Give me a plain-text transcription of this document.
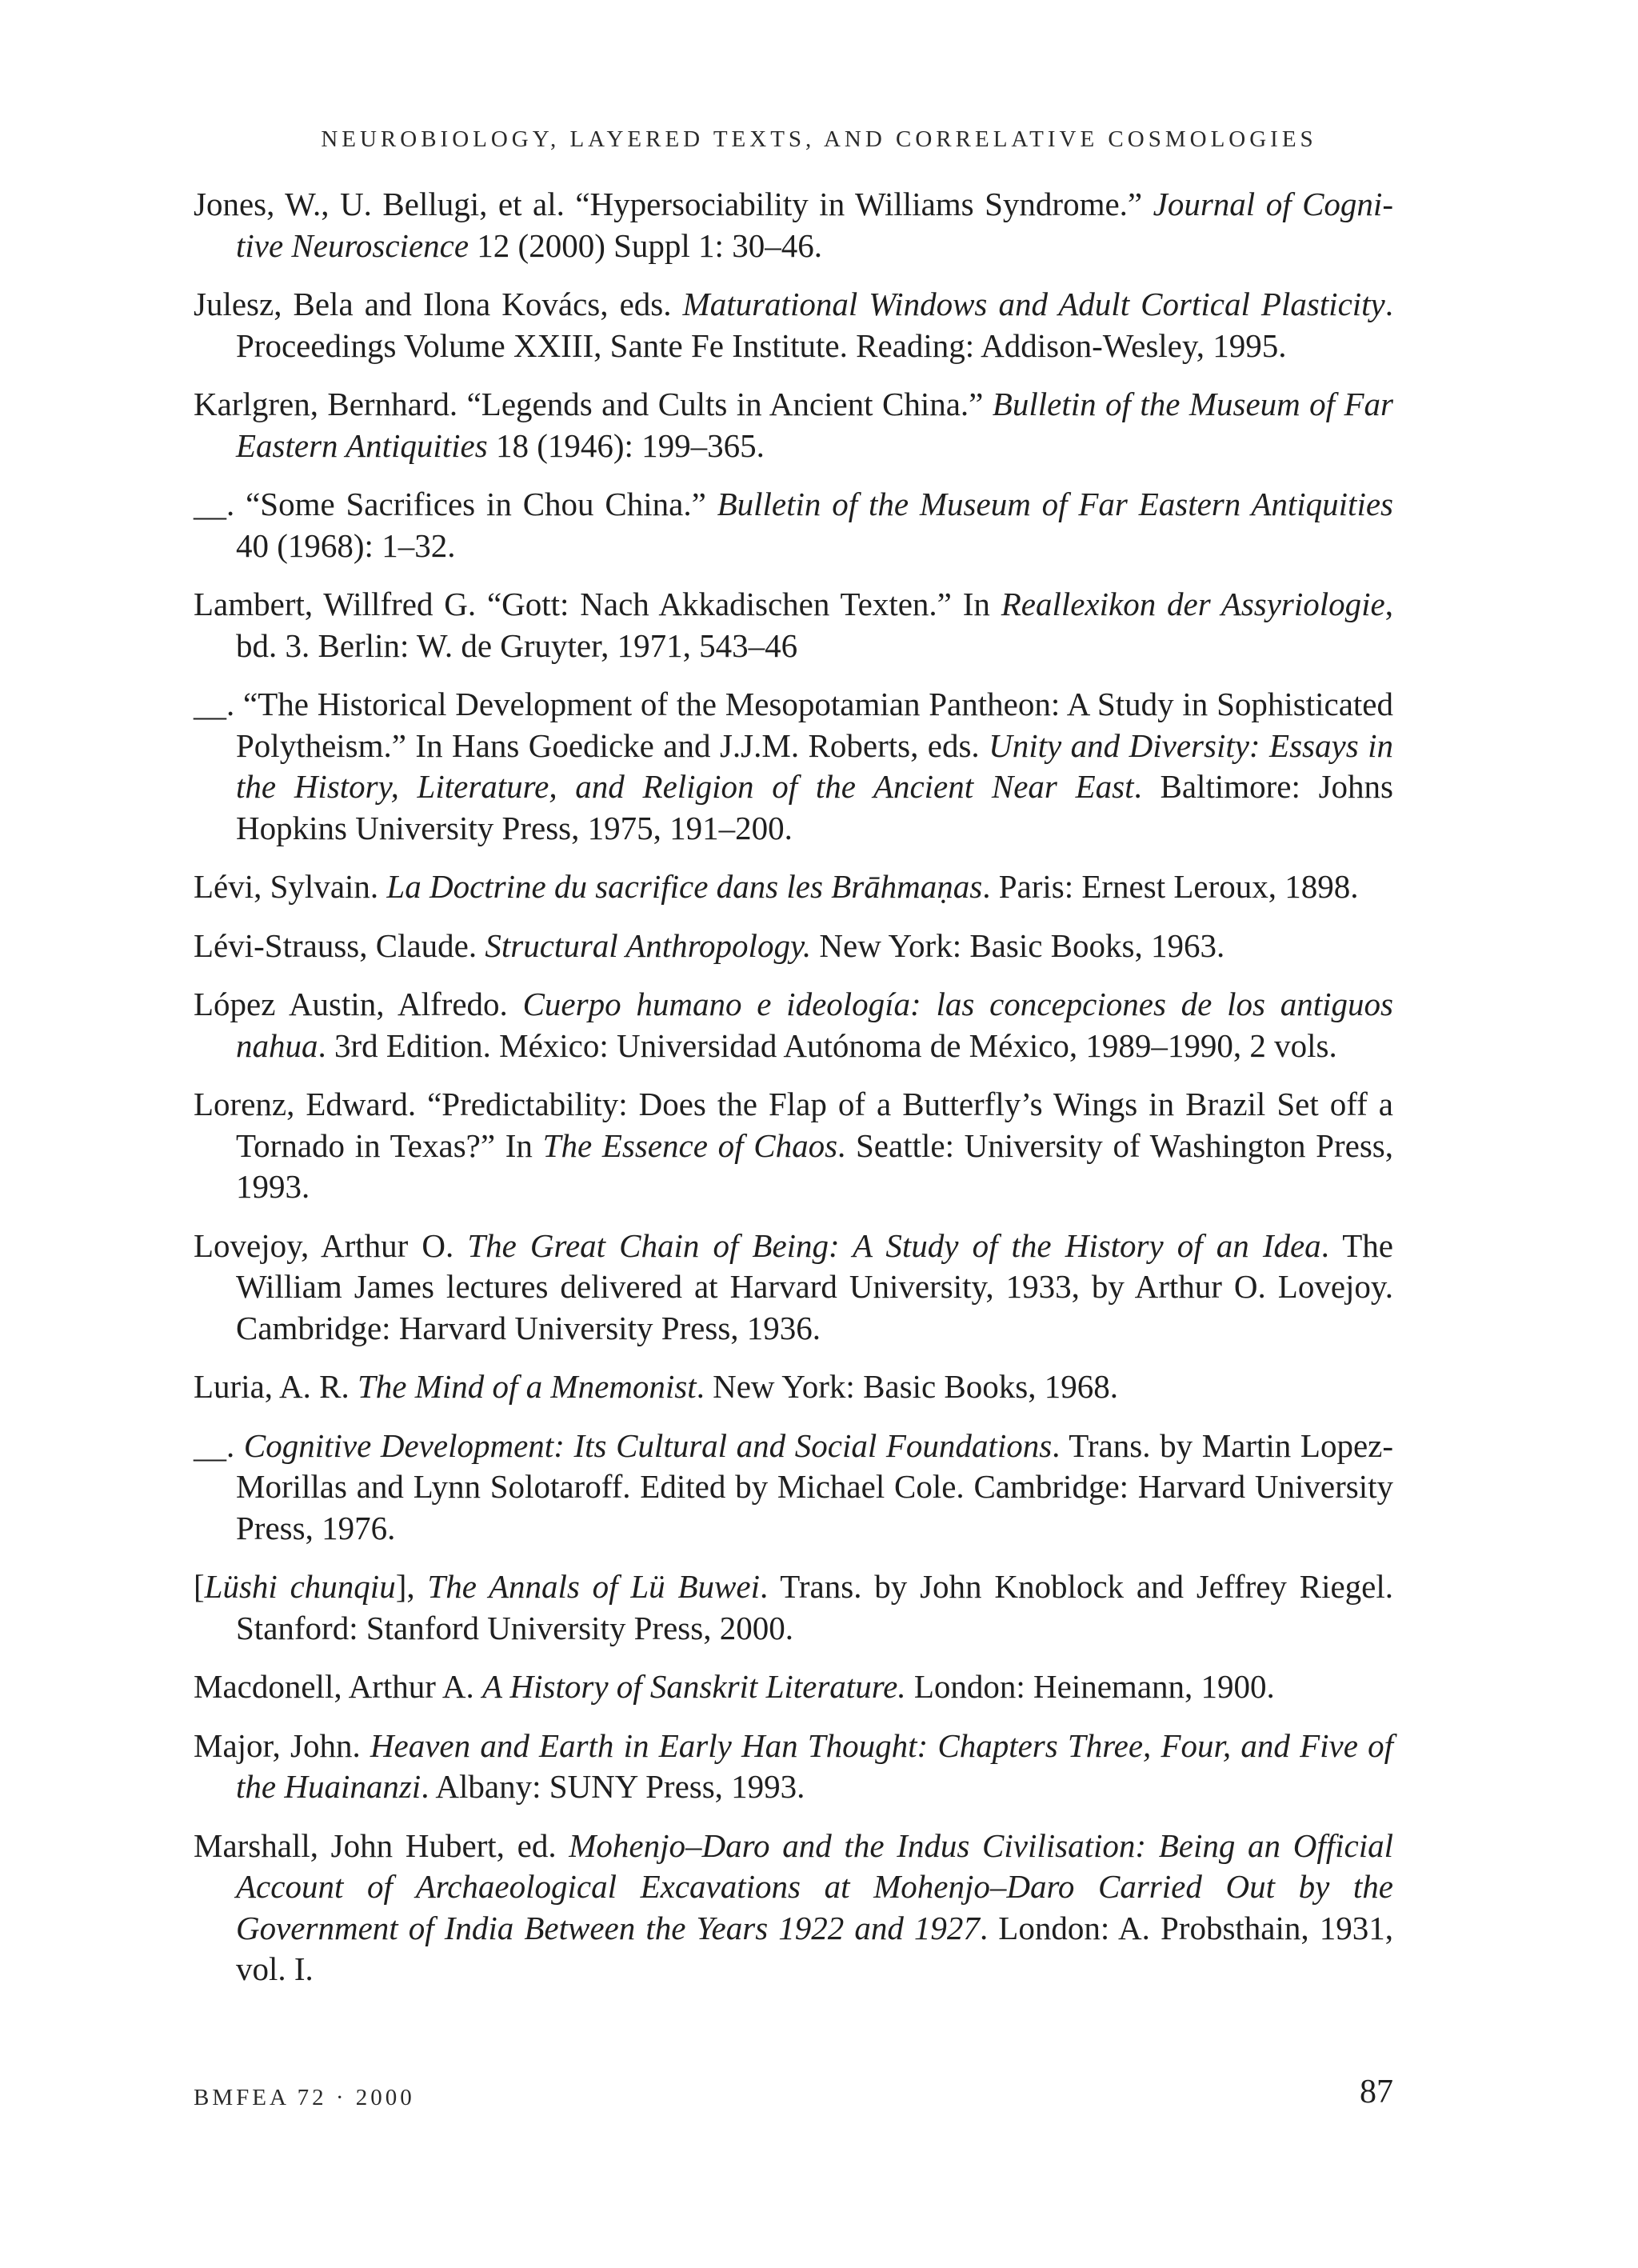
NEUROBIOLOGY, LAYERED TEXTS, AND CORRELATIVE COSMOLOGIES

Jones, W., U. Bellugi, et al. “Hypersociability in Williams Syndrome.” Journal of Cognitive Neuroscience 12 (2000) Suppl 1: 30–46.

Julesz, Bela and Ilona Kovács, eds. Maturational Windows and Adult Cortical Plasticity. Proceedings Volume XXIII, Sante Fe Institute. Reading: Addison-Wesley, 1995.

Karlgren, Bernhard. “Legends and Cults in Ancient China.” Bulletin of the Museum of Far Eastern Antiquities 18 (1946): 199–365.

__. “Some Sacrifices in Chou China.” Bulletin of the Museum of Far Eastern Antiquities 40 (1968): 1–32.

Lambert, Willfred G. “Gott: Nach Akkadischen Texten.” In Reallexikon der Assyriologie, bd. 3. Berlin: W. de Gruyter, 1971, 543–46

__. “The Historical Development of the Mesopotamian Pantheon: A Study in Sophisticated Polytheism.” In Hans Goedicke and J.J.M. Roberts, eds. Unity and Diversity: Essays in the History, Literature, and Religion of the Ancient Near East. Baltimore: Johns Hopkins University Press, 1975, 191–200.

Lévi, Sylvain. La Doctrine du sacrifice dans les Brāhmaṇas. Paris: Ernest Leroux, 1898.

Lévi-Strauss, Claude. Structural Anthropology. New York: Basic Books, 1963.

López Austin, Alfredo. Cuerpo humano e ideología: las concepciones de los antiguos nahua. 3rd Edition. México: Universidad Autónoma de México, 1989–1990, 2 vols.

Lorenz, Edward. “Predictability: Does the Flap of a Butterfly’s Wings in Brazil Set off a Tornado in Texas?” In The Essence of Chaos. Seattle: University of Washington Press, 1993.

Lovejoy, Arthur O. The Great Chain of Being: A Study of the History of an Idea. The William James lectures delivered at Harvard University, 1933, by Arthur O. Lovejoy. Cambridge: Harvard University Press, 1936.

Luria, A. R. The Mind of a Mnemonist. New York: Basic Books, 1968.

__. Cognitive Development: Its Cultural and Social Foundations. Trans. by Martin Lopez-Morillas and Lynn Solotaroff. Edited by Michael Cole. Cambridge: Harvard University Press, 1976.

[Lüshi chunqiu], The Annals of Lü Buwei. Trans. by John Knoblock and Jeffrey Riegel. Stanford: Stanford University Press, 2000.

Macdonell, Arthur A. A History of Sanskrit Literature. London: Heinemann, 1900.

Major, John. Heaven and Earth in Early Han Thought: Chapters Three, Four, and Five of the Huainanzi. Albany: SUNY Press, 1993.

Marshall, John Hubert, ed. Mohenjo–Daro and the Indus Civilisation: Being an Official Account of Archaeological Excavations at Mohenjo–Daro Carried Out by the Government of India Between the Years 1922 and 1927. London: A. Probsthain, 1931, vol. I.

BMFEA 72 · 2000	87
